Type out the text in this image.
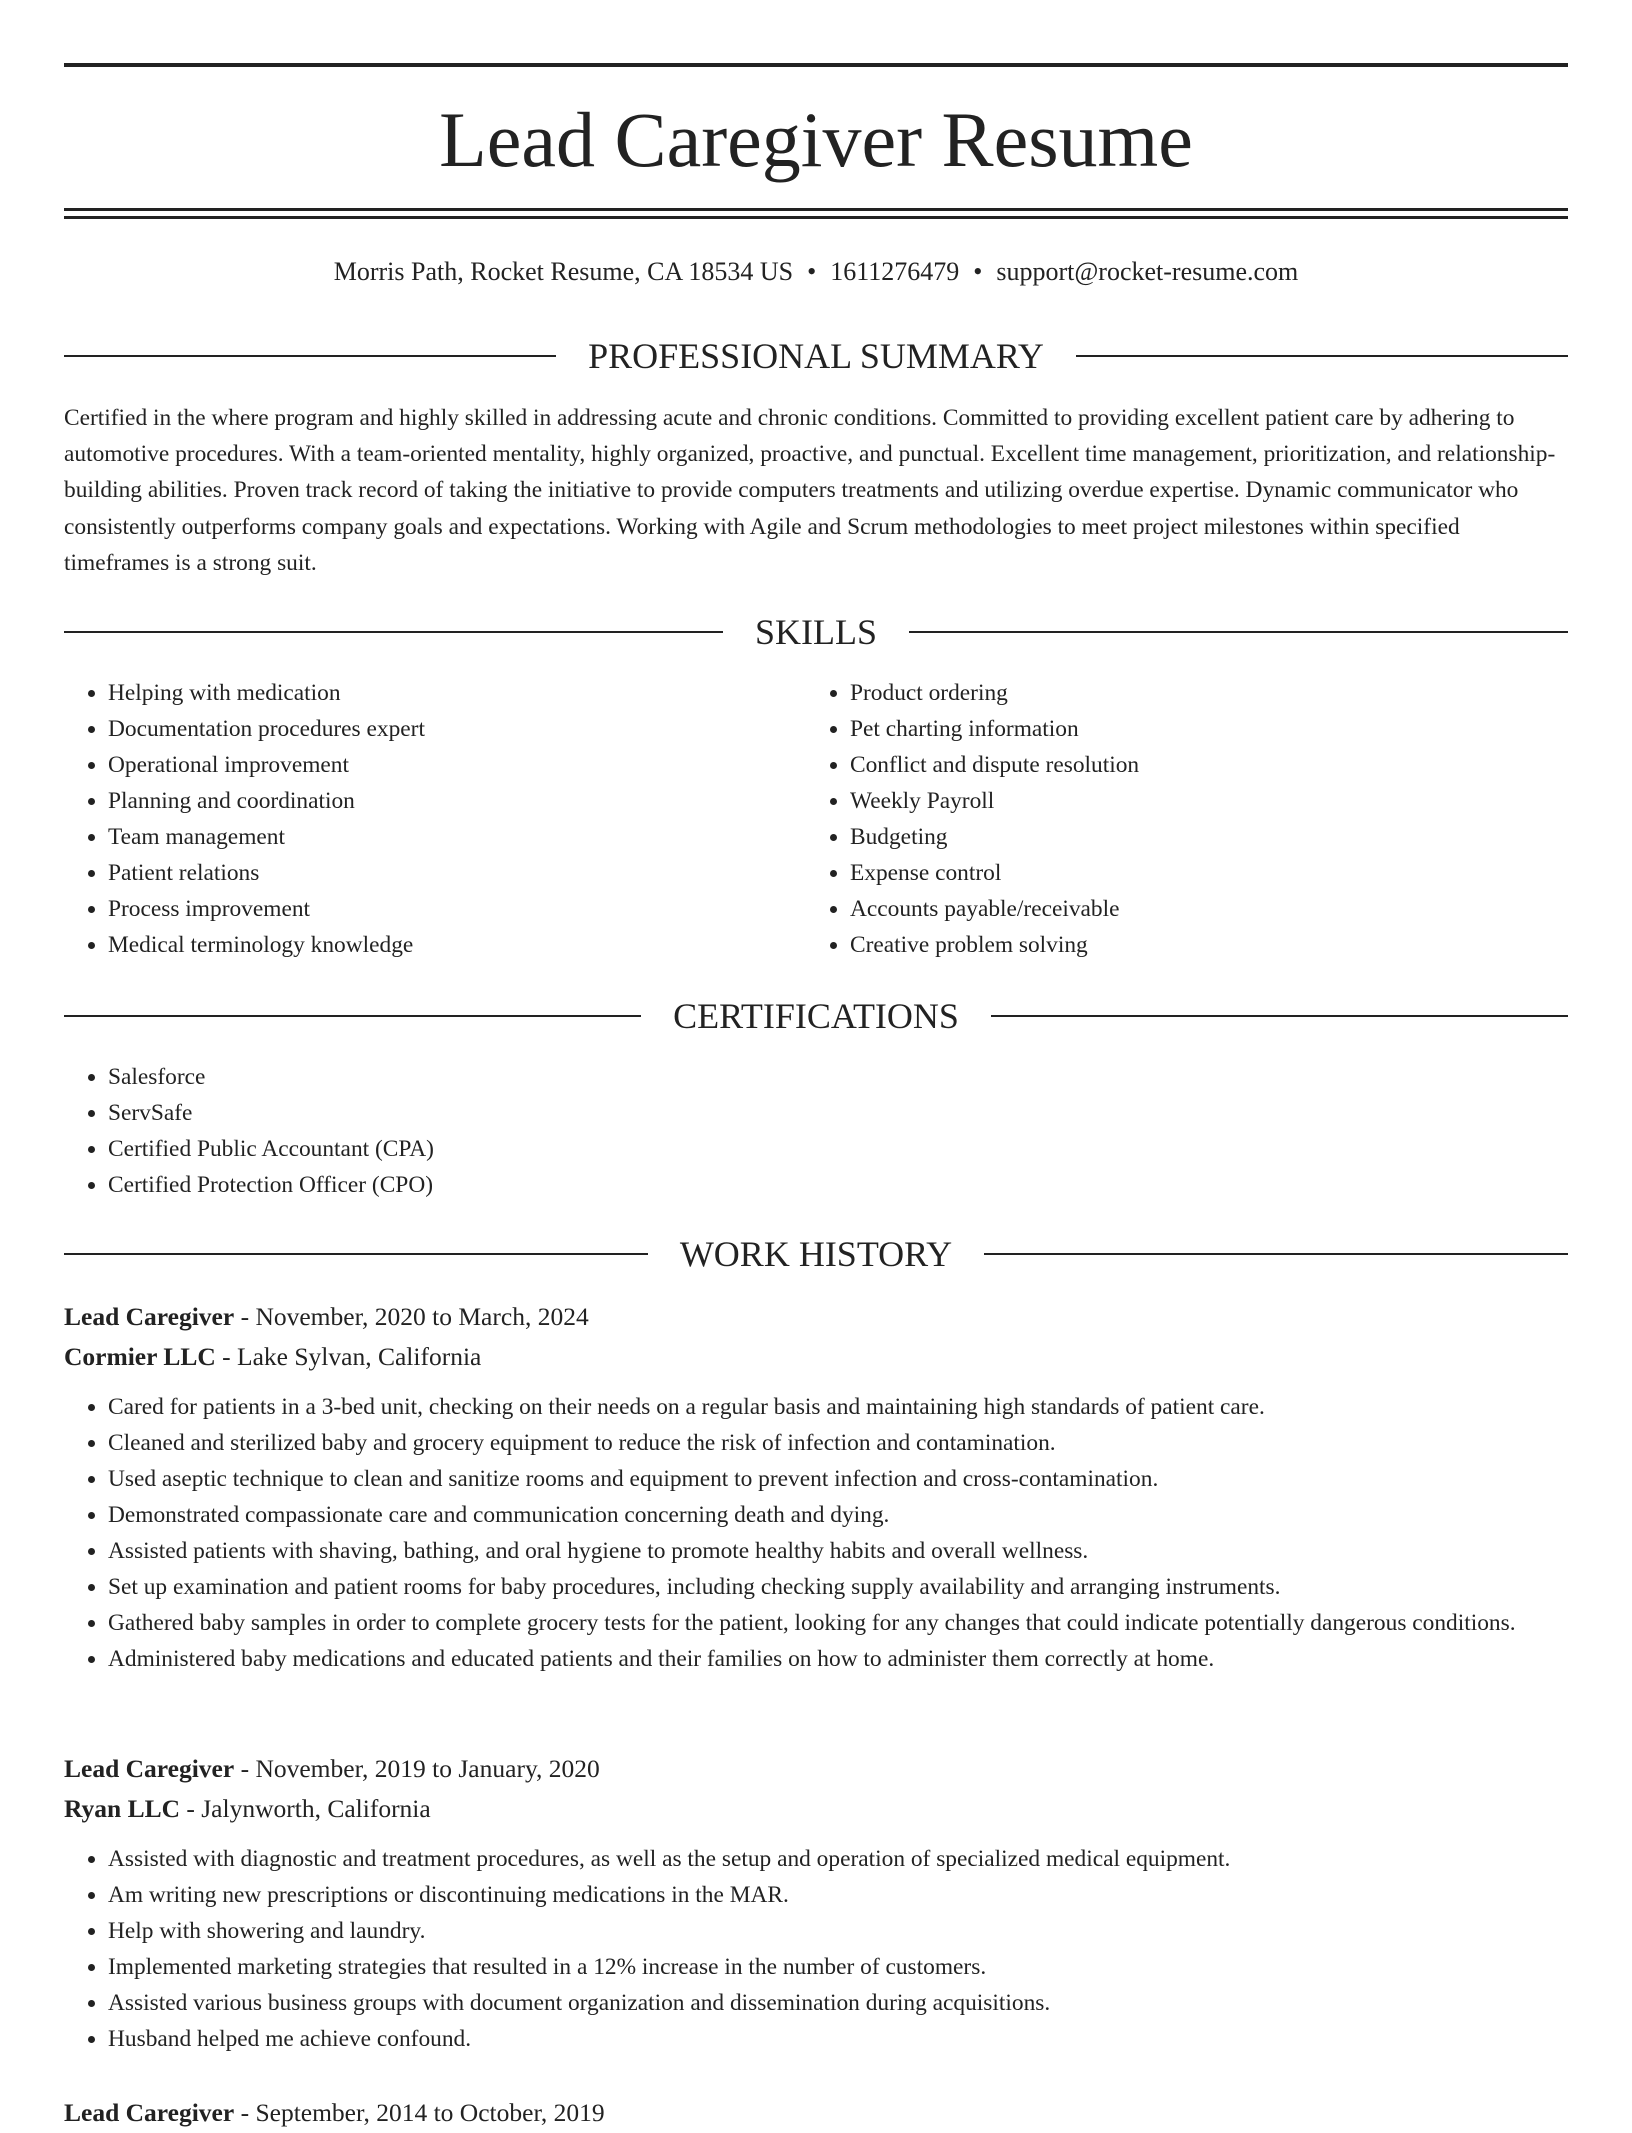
Lead Caregiver Resume
Morris Path, Rocket Resume, CA 18534 US • 1611276479 • support@rocket-resume.com
PROFESSIONAL SUMMARY

Certified in the where program and highly skilled in addressing acute and chronic conditions. Committed to providing excellent patient care by adhering to automotive procedures. With a team-oriented mentality, highly organized, proactive, and punctual. Excellent time management, prioritization, and relationship-building abilities. Proven track record of taking the initiative to provide computers treatments and utilizing overdue expertise. Dynamic communicator who consistently outperforms company goals and expectations. Working with Agile and Scrum methodologies to meet project milestones within specified timeframes is a strong suit.

SKILLS
• Helping with medication
• Documentation procedures expert
• Operational improvement
• Planning and coordination
• Team management
• Patient relations
• Process improvement
• Medical terminology knowledge
• Product ordering
• Pet charting information
• Conflict and dispute resolution
• Weekly Payroll
• Budgeting
• Expense control
• Accounts payable/receivable
• Creative problem solving
CERTIFICATIONS
• Salesforce
• ServSafe
• Certified Public Accountant (CPA)
• Certified Protection Officer (CPO)
WORK HISTORY
Lead Caregiver - November, 2020 to March, 2024
Cormier LLC - Lake Sylvan, California
• Cared for patients in a 3-bed unit, checking on their needs on a regular basis and maintaining high standards of patient care.
• Cleaned and sterilized baby and grocery equipment to reduce the risk of infection and contamination.
• Used aseptic technique to clean and sanitize rooms and equipment to prevent infection and cross-contamination.
• Demonstrated compassionate care and communication concerning death and dying.
• Assisted patients with shaving, bathing, and oral hygiene to promote healthy habits and overall wellness.
• Set up examination and patient rooms for baby procedures, including checking supply availability and arranging instruments.
• Gathered baby samples in order to complete grocery tests for the patient, looking for any changes that could indicate potentially dangerous conditions.
• Administered baby medications and educated patients and their families on how to administer them correctly at home.
Lead Caregiver - November, 2019 to January, 2020
Ryan LLC - Jalynworth, California
• Assisted with diagnostic and treatment procedures, as well as the setup and operation of specialized medical equipment.
• Am writing new prescriptions or discontinuing medications in the MAR.
• Help with showering and laundry.
• Implemented marketing strategies that resulted in a 12% increase in the number of customers.
• Assisted various business groups with document organization and dissemination during acquisitions.
• Husband helped me achieve confound.
Lead Caregiver - September, 2014 to October, 2019
